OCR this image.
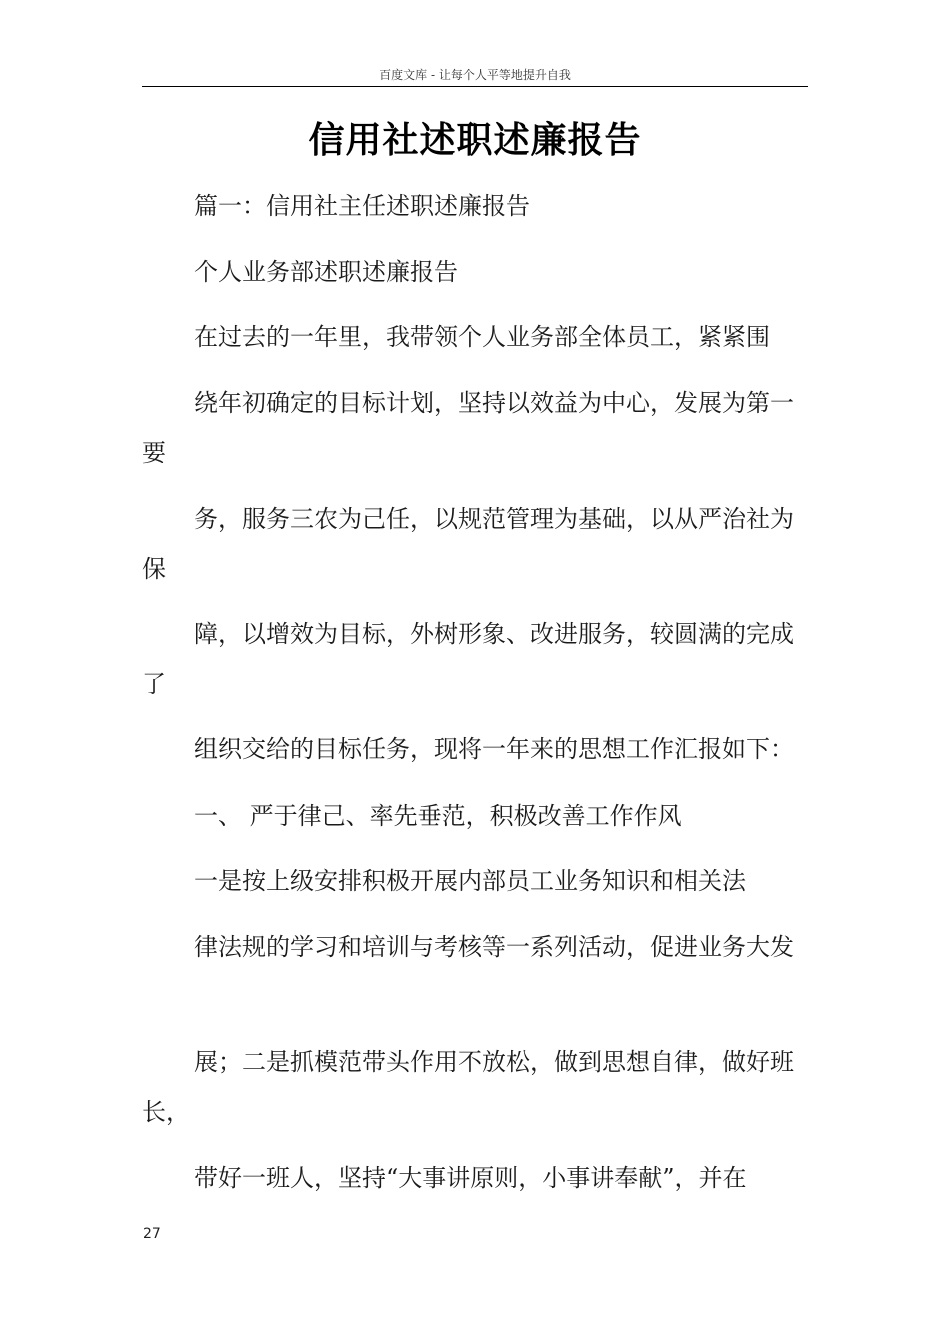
百度文库 - 让每个人平等地提升自我
信用社述职述廉报告
篇一：信用社主任述职述廉报告
个人业务部述职述廉报告
在过去的一年里，我带领个人业务部全体员工，紧紧围
绕年初确定的目标计划，坚持以效益为中心，发展为第一要
务，服务三农为己任，以规范管理为基础，以从严治社为保
障，以增效为目标，外树形象、改进服务，较圆满的完成了
组织交给的目标任务，现将一年来的思想工作汇报如下：
一、 严于律己、率先垂范，积极改善工作作风
一是按上级安排积极开展内部员工业务知识和相关法
律法规的学习和培训与考核等一系列活动，促进业务大发
展；二是抓模范带头作用不放松，做到思想自律，做好班长，
带好一班人，坚持“大事讲原则，小事讲奉献”，并在
27
